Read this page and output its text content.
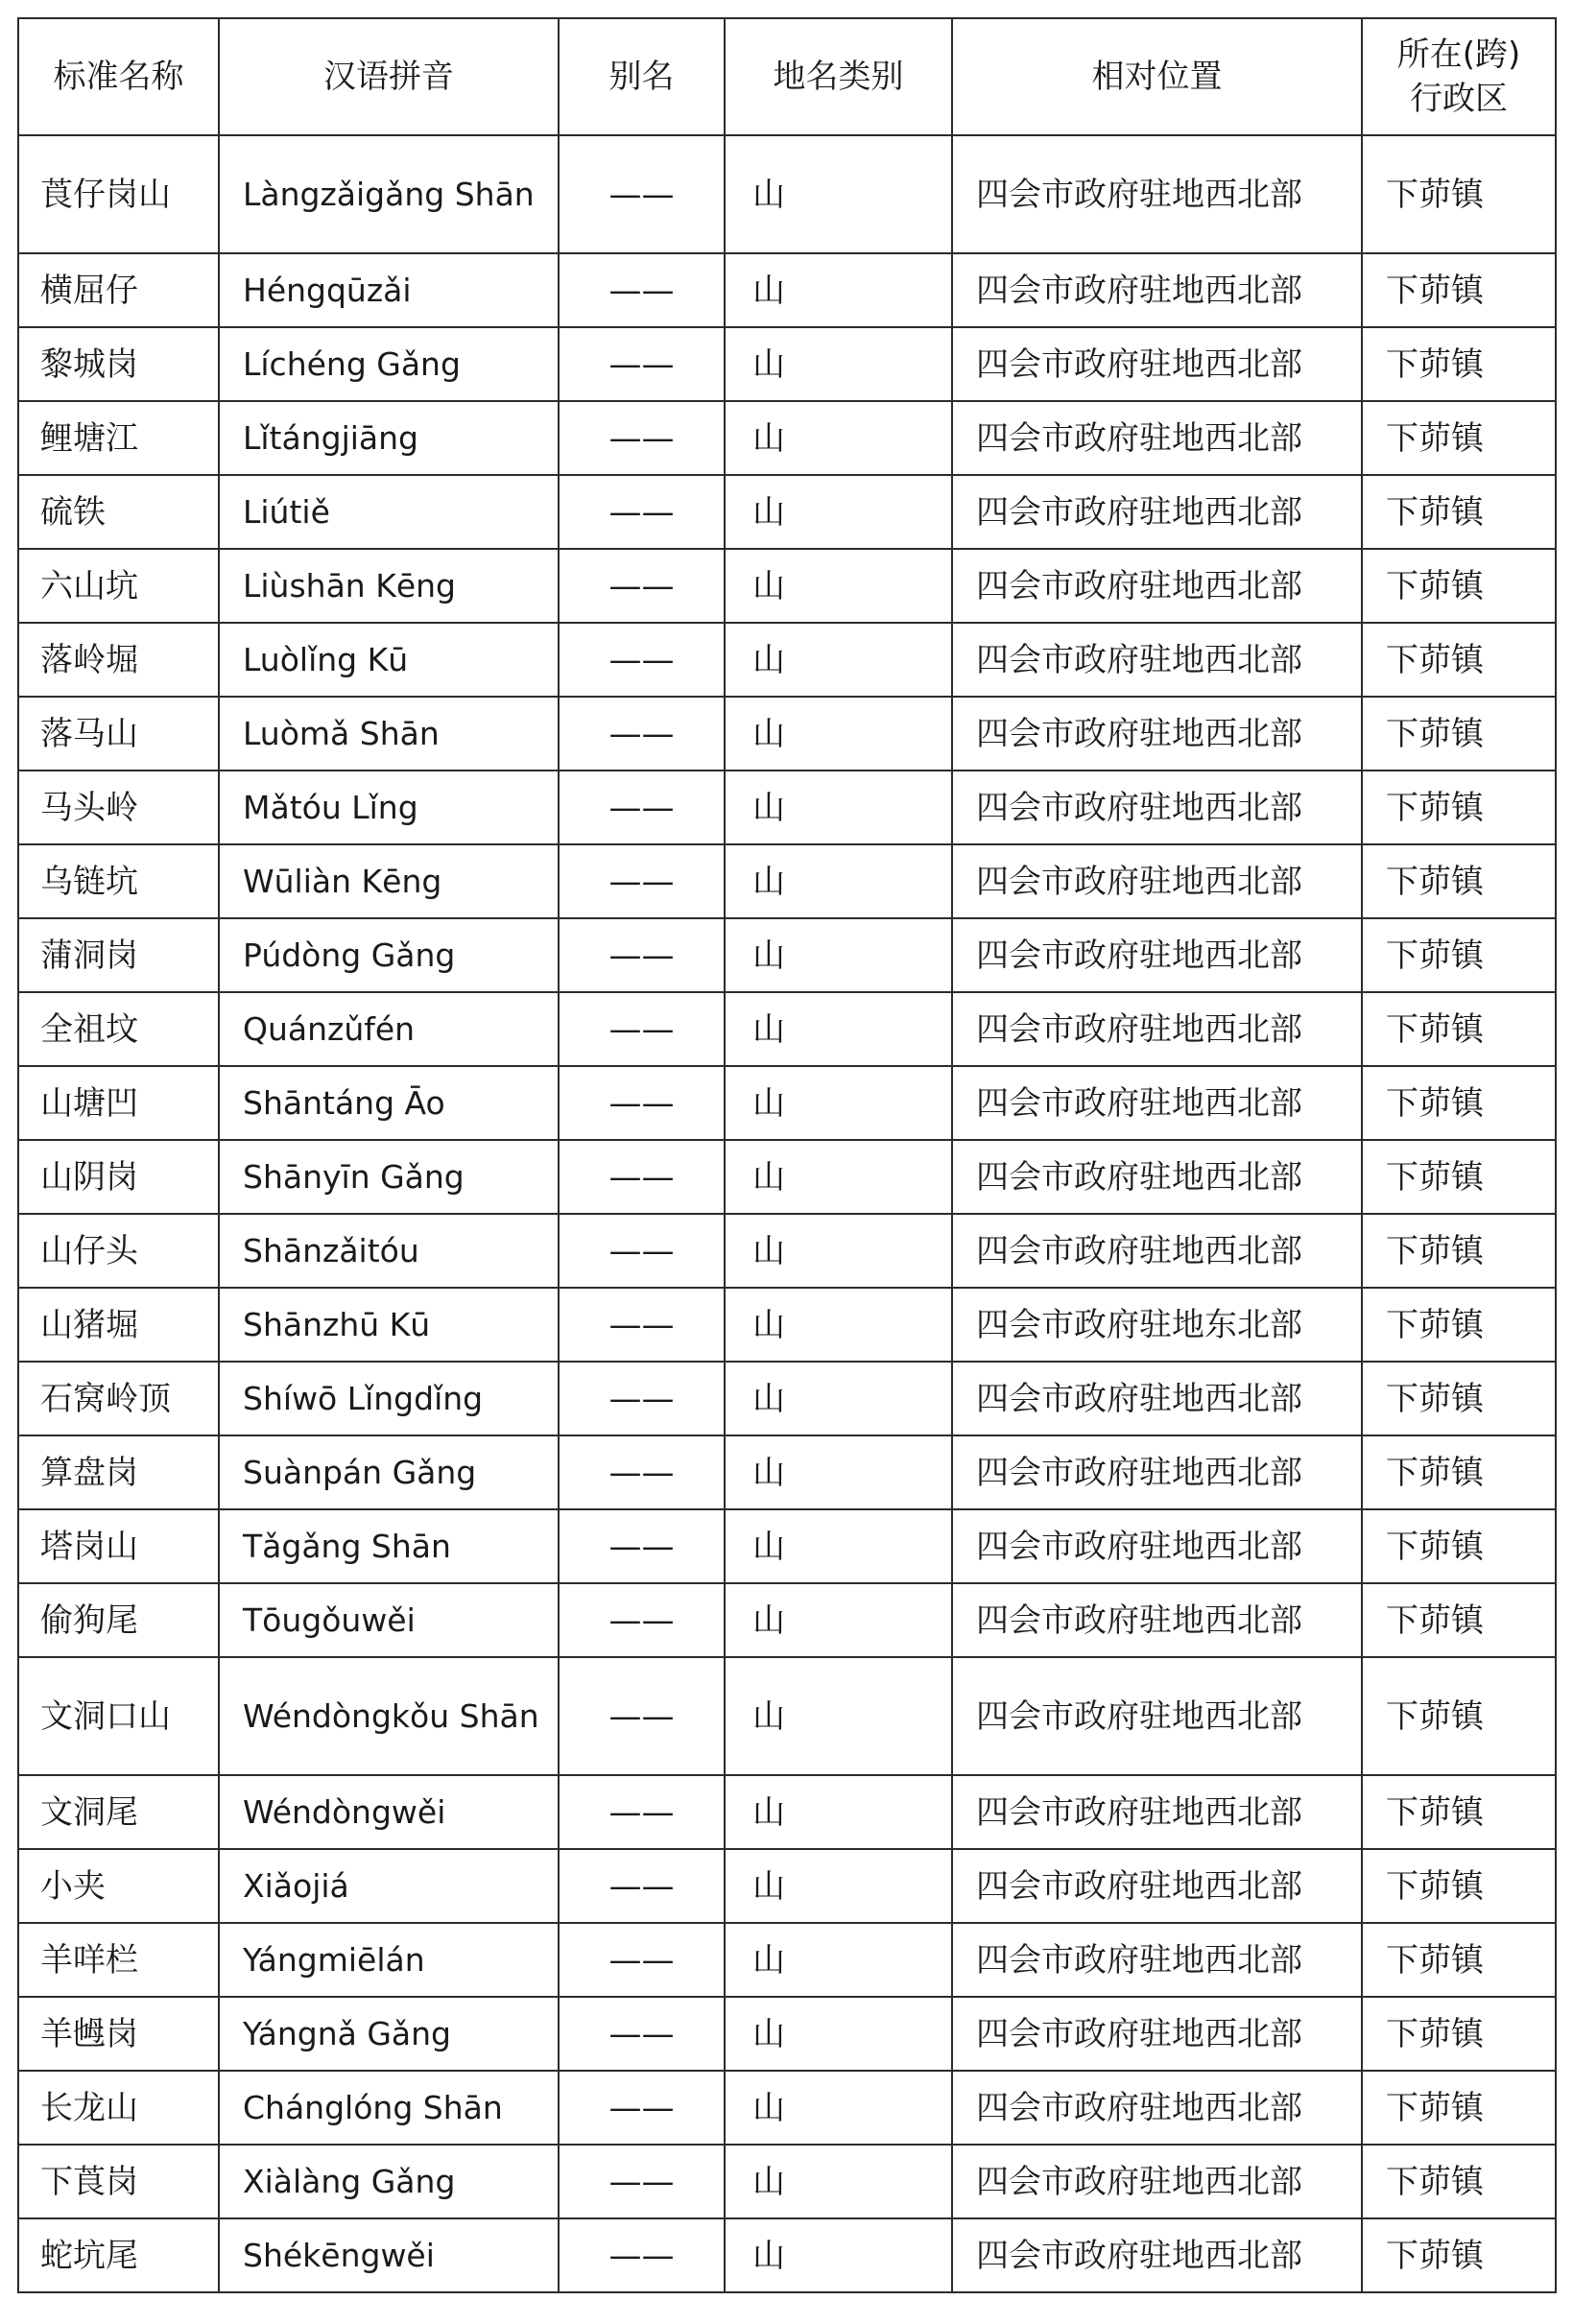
标准名称	汉语拼音	别名	地名类别	相对位置	所在(跨)
行政区
莨仔岗山	Làngzǎigǎng Shān	——	山	四会市政府驻地西北部	下茆镇
横屈仔	Héngqūzǎi	——	山	四会市政府驻地西北部	下茆镇
黎城岗	Líchéng Gǎng	——	山	四会市政府驻地西北部	下茆镇
鲤塘江	Lǐtángjiāng	——	山	四会市政府驻地西北部	下茆镇
硫铁	Liútiě	——	山	四会市政府驻地西北部	下茆镇
六山坑	Liùshān Kēng	——	山	四会市政府驻地西北部	下茆镇
落岭堀	Luòlǐng Kū	——	山	四会市政府驻地西北部	下茆镇
落马山	Luòmǎ Shān	——	山	四会市政府驻地西北部	下茆镇
马头岭	Mǎtóu Lǐng	——	山	四会市政府驻地西北部	下茆镇
乌链坑	Wūliàn Kēng	——	山	四会市政府驻地西北部	下茆镇
蒲洞岗	Púdòng Gǎng	——	山	四会市政府驻地西北部	下茆镇
全祖坟	Quánzǔfén	——	山	四会市政府驻地西北部	下茆镇
山塘凹	Shāntáng Āo	——	山	四会市政府驻地西北部	下茆镇
山阴岗	Shānyīn Gǎng	——	山	四会市政府驻地西北部	下茆镇
山仔头	Shānzǎitóu	——	山	四会市政府驻地西北部	下茆镇
山猪堀	Shānzhū Kū	——	山	四会市政府驻地东北部	下茆镇
石窝岭顶	Shíwō Lǐngdǐng	——	山	四会市政府驻地西北部	下茆镇
算盘岗	Suànpán Gǎng	——	山	四会市政府驻地西北部	下茆镇
塔岗山	Tǎgǎng Shān	——	山	四会市政府驻地西北部	下茆镇
偷狗尾	Tōugǒuwěi	——	山	四会市政府驻地西北部	下茆镇
文洞口山	Wéndòngkǒu Shān	——	山	四会市政府驻地西北部	下茆镇
文洞尾	Wéndòngwěi	——	山	四会市政府驻地西北部	下茆镇
小夹	Xiǎojiá	——	山	四会市政府驻地西北部	下茆镇
羊咩栏	Yángmiēlán	——	山	四会市政府驻地西北部	下茆镇
羊乸岗	Yángnǎ Gǎng	——	山	四会市政府驻地西北部	下茆镇
长龙山	Chánglóng Shān	——	山	四会市政府驻地西北部	下茆镇
下莨岗	Xiàlàng Gǎng	——	山	四会市政府驻地西北部	下茆镇
蛇坑尾	Shékēngwěi	——	山	四会市政府驻地西北部	下茆镇
